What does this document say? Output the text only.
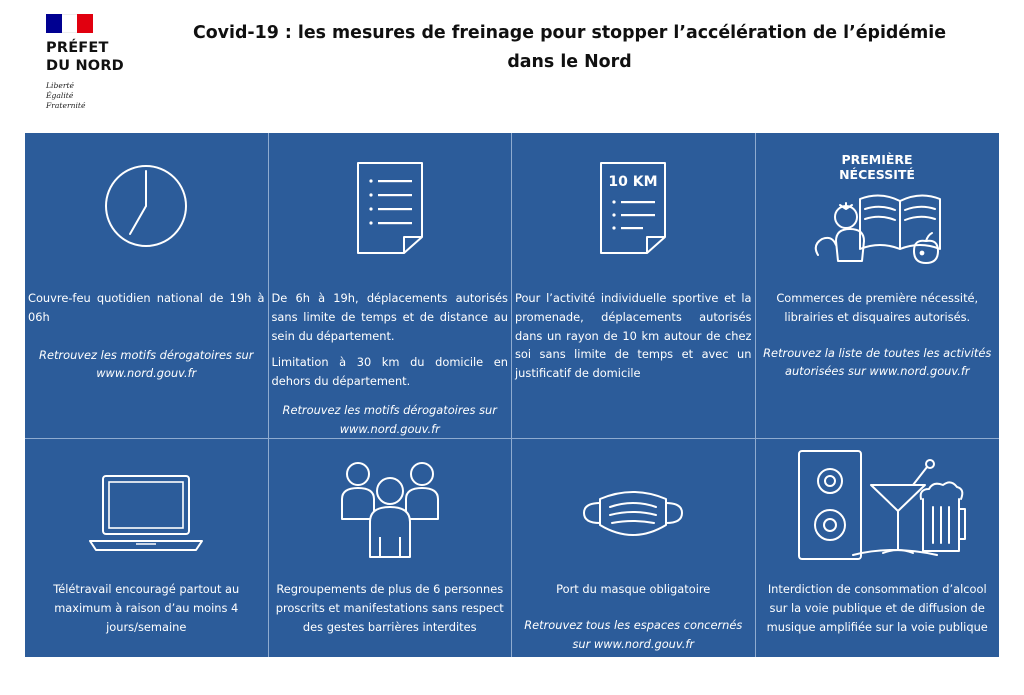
PRÉFET
DU NORD
Liberté
Égalité
Fraternité
Covid-19 : les mesures de freinage pour stopper l’accélération de l’épidémie
dans le Nord

Couvre-feu quotidien national de 19h à 06h

Retrouvez les motifs dérogatoires sur www.nord.gouv.fr

De 6h à 19h, déplacements autorisés sans limite de temps et de distance au sein du département.

Limitation à 30 km du domicile en dehors du département.

Retrouvez les motifs dérogatoires sur www.nord.gouv.fr

10 KM

Pour l’activité individuelle sportive et la promenade, déplacements autorisés dans un rayon de 10 km autour de chez soi sans limite de temps et avec un justificatif de domicile

PREMIÈRE
NÉCESSITÉ

Commerces de première nécessité, librairies et disquaires autorisés.

Retrouvez la liste de toutes les activités autorisées sur www.nord.gouv.fr

Télétravail encouragé partout au maximum à raison d’au moins 4 jours/semaine

Regroupements de plus de 6 personnes proscrits et manifestations sans respect des gestes barrières interdites

Port du masque obligatoire

Retrouvez tous les espaces concernés sur www.nord.gouv.fr

Interdiction de consommation d’alcool sur la voie publique et de diffusion de musique amplifiée sur la voie publique
